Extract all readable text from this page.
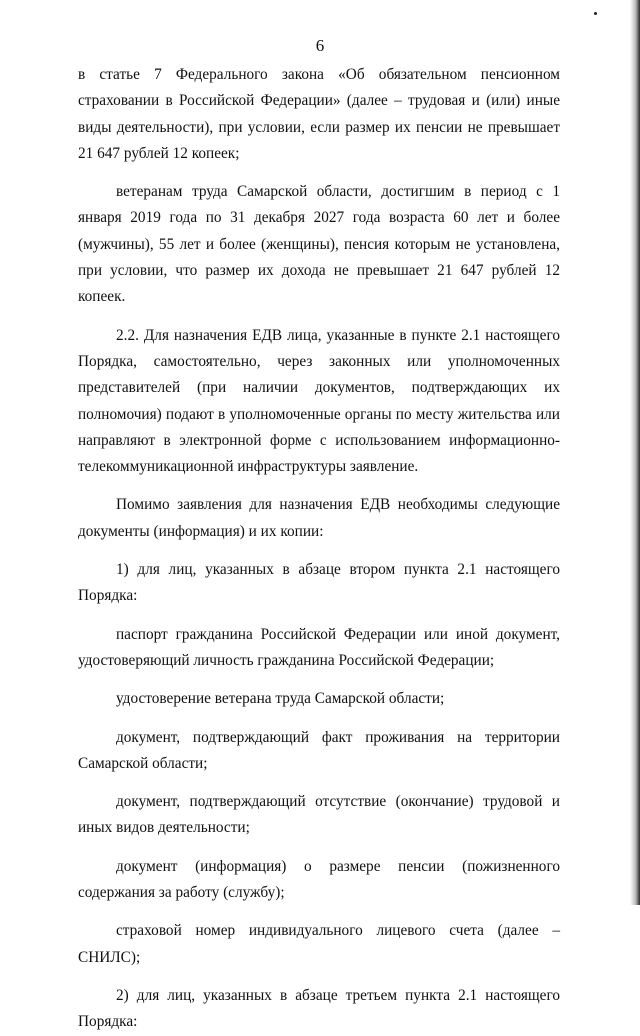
6

в статье 7 Федерального закона «Об обязательном пенсионном страховании в Российской Федерации» (далее – трудовая и (или) иные виды деятельности), при условии, если размер их пенсии не превышает 21 647 рублей 12 копеек;

ветеранам труда Самарской области, достигшим в период с 1 января 2019 года по 31 декабря 2027 года возраста 60 лет и более (мужчины), 55 лет и более (женщины), пенсия которым не установлена, при условии, что размер их дохода не превышает 21 647 рублей 12 копеек.

2.2. Для назначения ЕДВ лица, указанные в пункте 2.1 настоящего Порядка, самостоятельно, через законных или уполномоченных представителей (при наличии документов, подтверждающих их полномочия) подают в уполномоченные органы по месту жительства или направляют в электронной форме с использованием информационно-телекоммуникационной инфраструктуры заявление.

Помимо заявления для назначения ЕДВ необходимы следующие документы (информация) и их копии:

1) для лиц, указанных в абзаце втором пункта 2.1 настоящего Порядка:

паспорт гражданина Российской Федерации или иной документ, удостоверяющий личность гражданина Российской Федерации;

удостоверение ветерана труда Самарской области;

документ, подтверждающий факт проживания на территории Самарской области;

документ, подтверждающий отсутствие (окончание) трудовой и иных видов деятельности;

документ (информация) о размере пенсии (пожизненного содержания за работу (службу);

страховой номер индивидуального лицевого счета (далее – СНИЛС);

2) для лиц, указанных в абзаце третьем пункта 2.1 настоящего Порядка:
